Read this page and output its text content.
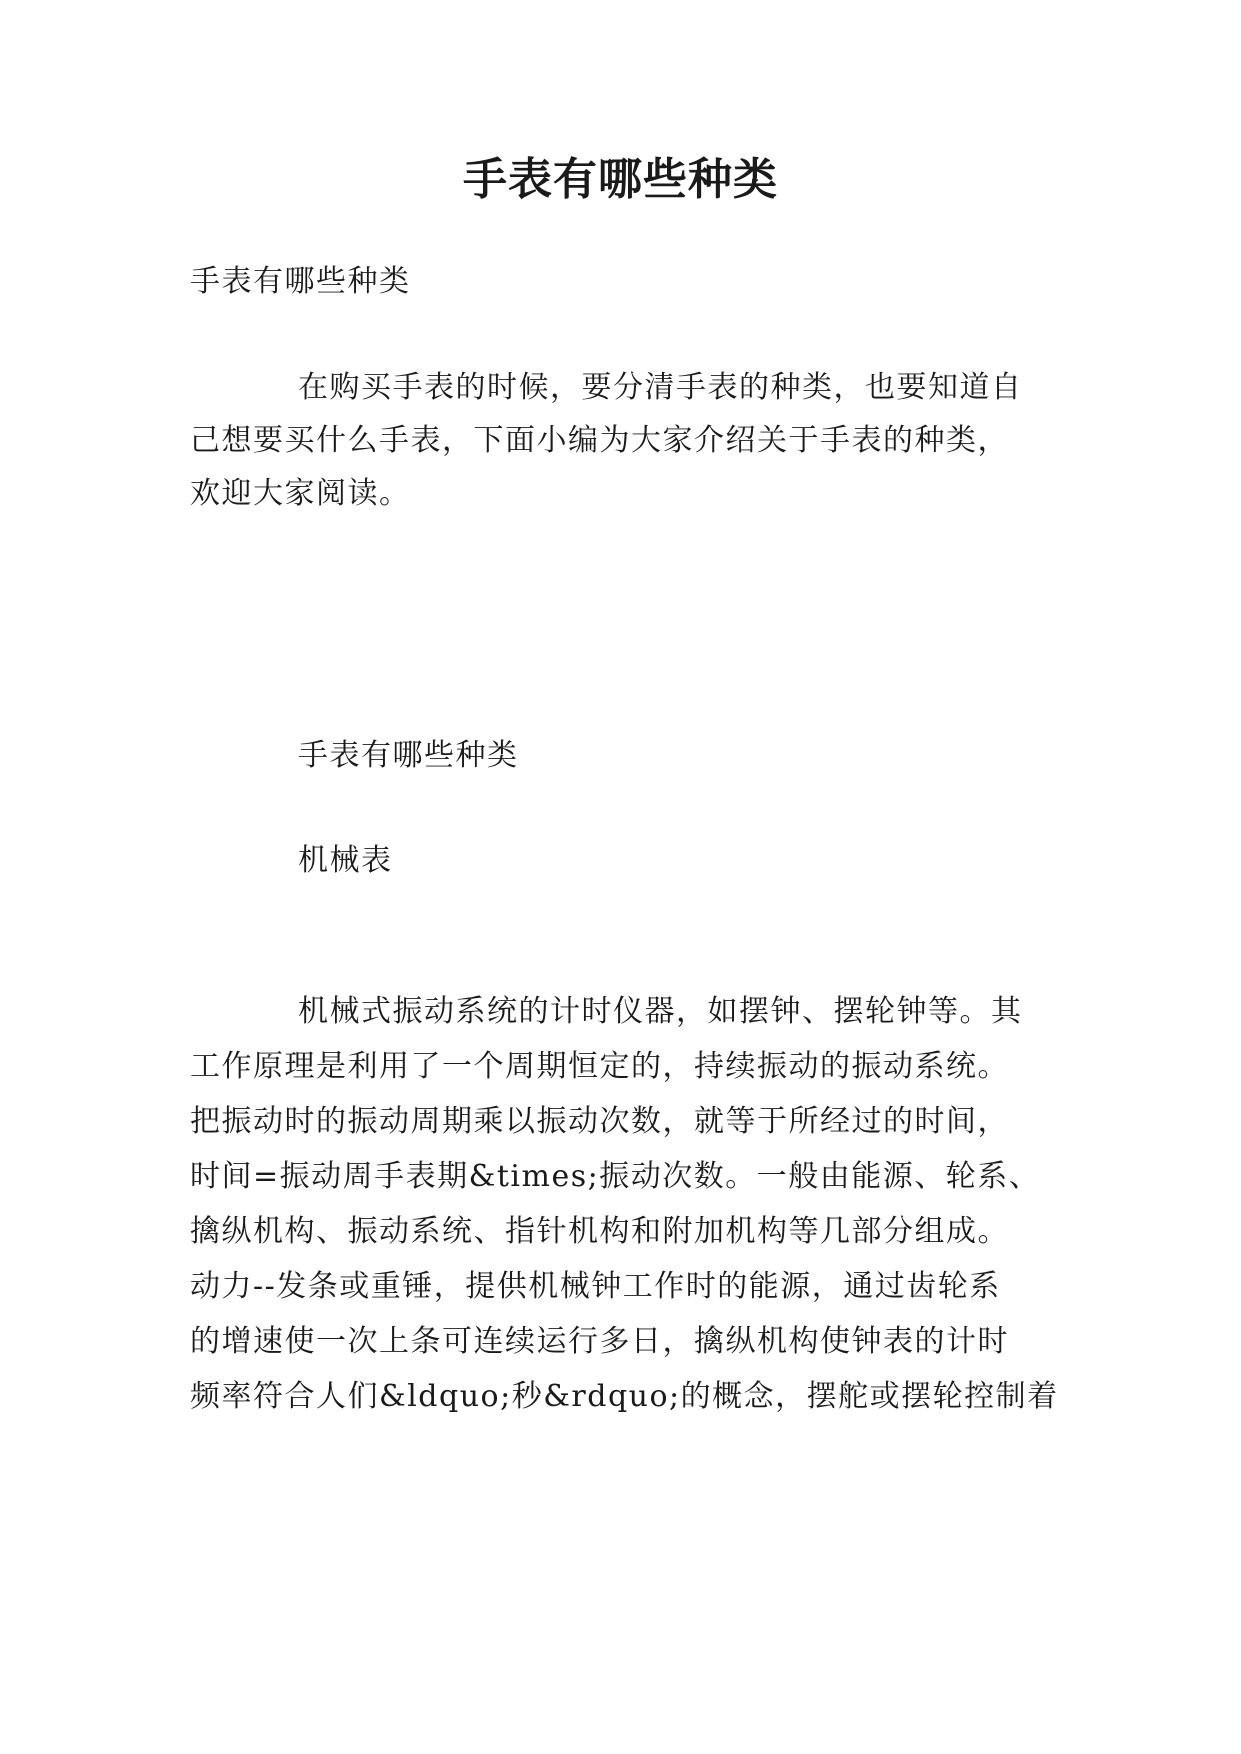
手表有哪些种类
手表有哪些种类
在购买手表的时候，要分清手表的种类，也要知道自
己想要买什么手表，下面小编为大家介绍关于手表的种类，
欢迎大家阅读。
手表有哪些种类
机械表
机械式振动系统的计时仪器，如摆钟、摆轮钟等。其
工作原理是利用了一个周期恒定的，持续振动的振动系统。
把振动时的振动周期乘以振动次数，就等于所经过的时间，
时间=振动周手表期&times;振动次数。一般由能源、轮系、
擒纵机构、振动系统、指针机构和附加机构等几部分组成。
动力--发条或重锤，提供机械钟工作时的能源，通过齿轮系
的增速使一次上条可连续运行多日，擒纵机构使钟表的计时
频率符合人们&ldquo;秒&rdquo;的概念，摆舵或摆轮控制着
